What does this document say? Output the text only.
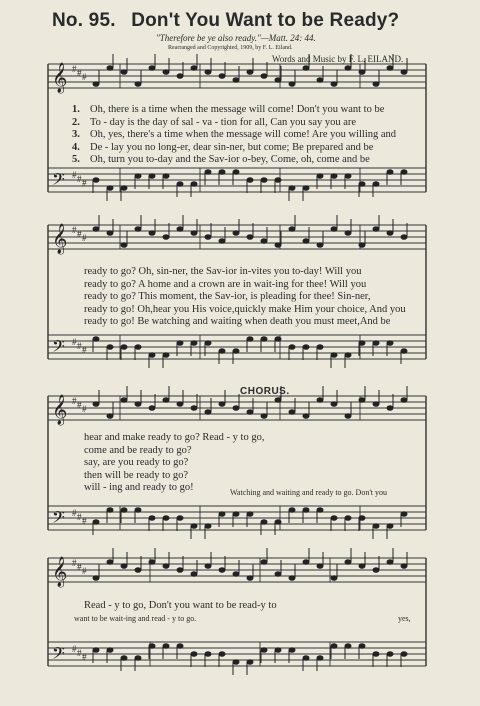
No. 95. Don't You Want to be Ready?
"Therefore be ye also ready."—Matt. 24: 44.
Rearranged and Copyrighted, 1909, by F. L. Eiland.
Words and Music by F. L. EILAND.
𝄞
𝄢
#
#
#
#
#
#
𝄞
𝄢
#
#
#
#
#
#
𝄞
𝄢
#
#
#
#
#
#
𝄞
𝄢
#
#
#
#
#
#
1. Oh, there is a time when the message will come! Don't you want to be
2. To - day is the day of sal - va - tion for all, Can you say you are
3. Oh, yes, there's a time when the message will come! Are you willing and
4. De - lay you no long-er, dear sin-ner, but come; Be prepared and be
5. Oh, turn you to-day and the Sav-ior o-bey, Come, oh, come and be
ready to go? Oh, sin-ner, the Sav-ior in-vites you to-day! Will you
ready to go? A home and a crown are in wait-ing for thee! Will you
ready to go? This moment, the Sav-ior, is pleading for thee! Sin-ner,
ready to go! Oh,hear you His voice,quickly make Him your choice, And you
ready to go! Be watching and waiting when death you must meet,And be
CHORUS.
hear and make ready to go? Read - y to go,
come and be ready to go?
say, are you ready to go?
then will be ready to go?
will - ing and ready to go!	Watching and waiting and ready to go. Don't you
Read - y to go, Don't you want to be read-y to
want to be wait-ing and read - y to go.	yes,
